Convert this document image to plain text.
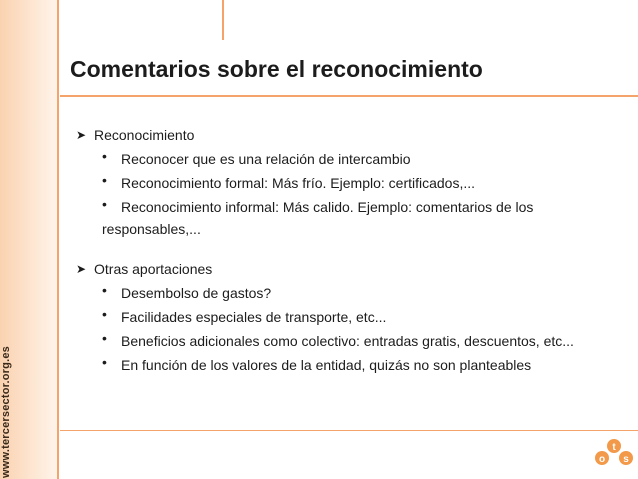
www.tercersector.org.es
Comentarios sobre el reconocimiento
➤ Reconocimiento
• Reconocer que es una relación de intercambio
• Reconocimiento formal: Más frío. Ejemplo: certificados,...
• Reconocimiento informal: Más calido. Ejemplo: comentarios de los
responsables,...
➤ Otras aportaciones
• Desembolso de gastos?
• Facilidades especiales de transporte, etc...
• Beneficios adicionales como colectivo: entradas gratis, descuentos, etc...
• En función de los valores de la entidad, quizás no son planteables
o
t
s
